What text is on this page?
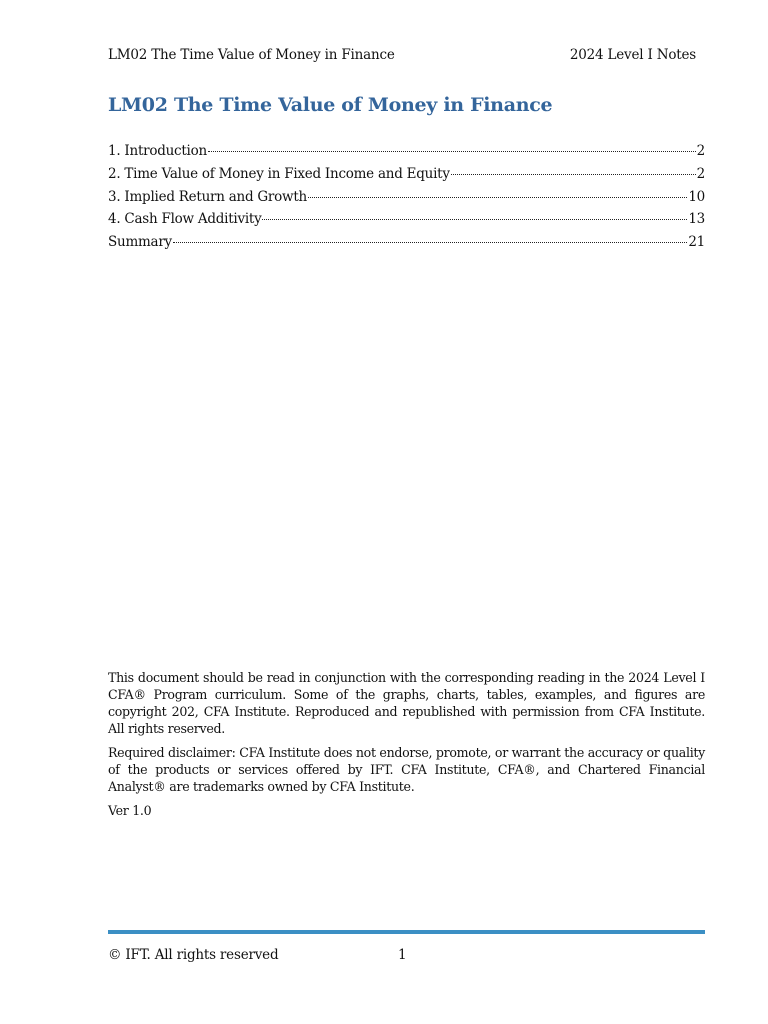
LM02 The Time Value of Money in Finance	2024 Level I Notes
LM02 The Time Value of Money in Finance
1. Introduction	2
2. Time Value of Money in Fixed Income and Equity	2
3. Implied Return and Growth	10
4. Cash Flow Additivity	13
Summary	21

This document should be read in conjunction with the corresponding reading in the 2024 Level I CFA® Program curriculum. Some of the graphs, charts, tables, examples, and figures are copyright 202, CFA Institute. Reproduced and republished with permission from CFA Institute. All rights reserved.

Required disclaimer: CFA Institute does not endorse, promote, or warrant the accuracy or quality of the products or services offered by IFT. CFA Institute, CFA®, and Chartered Financial Analyst® are trademarks owned by CFA Institute.

Ver 1.0

© IFT. All rights reserved	1
